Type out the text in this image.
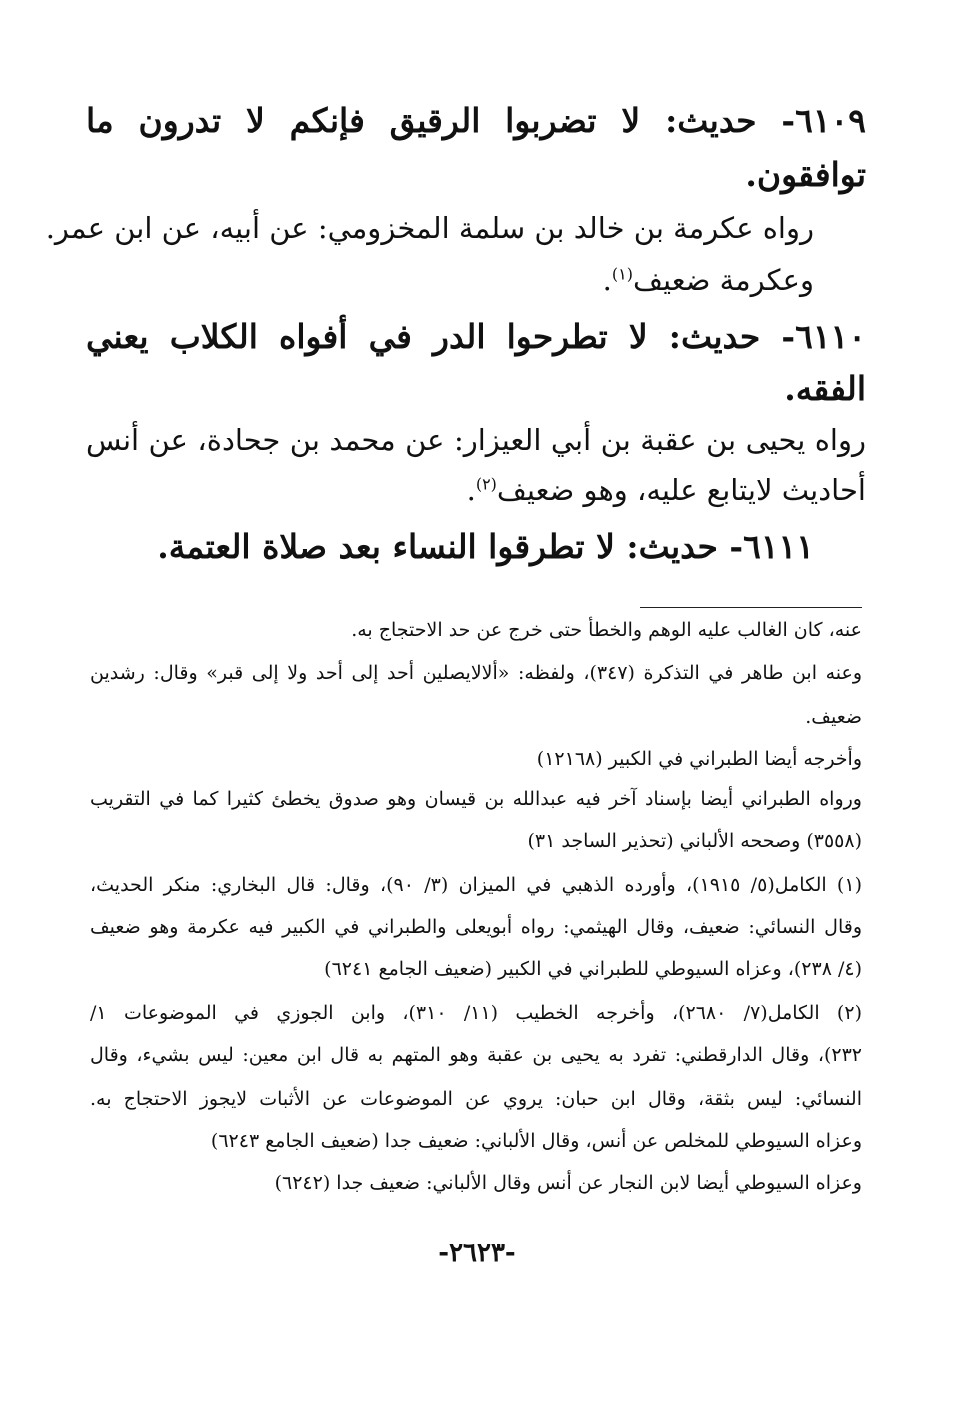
٦١٠٩- حديث: لا تضربوا الرقيق فإنكم لا تدرون ما
توافقون.
رواه عكرمة بن خالد بن سلمة المخزومي: عن أبيه، عن ابن عمر.
وعكرمة ضعيف$^{(١)}$.
٦١١٠- حديث: لا تطرحوا الدر في أفواه الكلاب يعني
الفقه.
رواه يحيى بن عقبة بن أبي العيزار: عن محمد بن جحادة، عن أنس
أحاديث لايتابع عليه، وهو ضعيف$^{(٢)}$.
٦١١١- حديث: لا تطرقوا النساء بعد صلاة العتمة.
عنه، كان الغالب عليه الوهم والخطأ حتى خرج عن حد الاحتجاج به.
وعنه ابن طاهر في التذكرة (٣٤٧)، ولفظه: «ألالايصلين أحد إلى أحد ولا إلى قبر» وقال: رشدين
ضعيف.
وأخرجه أيضا الطبراني في الكبير (١٢١٦٨)
ورواه الطبراني أيضا بإسناد آخر فيه عبدالله بن قيسان وهو صدوق يخطئ كثيرا كما في التقريب
(٣٥٥٨) وصححه الألباني (تحذير الساجد ٣١)
(١) الكامل(٥/ ١٩١٥)، وأورده الذهبي في الميزان (٣/ ٩٠)، وقال: قال البخاري: منكر الحديث،
وقال النسائي: ضعيف، وقال الهيثمي: رواه أبويعلى والطبراني في الكبير فيه عكرمة وهو ضعيف
(٤/ ٢٣٨)، وعزاه السيوطي للطبراني في الكبير (ضعيف الجامع ٦٢٤١)
(٢) الكامل(٧/ ٢٦٨٠)، وأخرجه الخطيب (١١/ ٣١٠)، وابن الجوزي في الموضوعات ١/
٢٣٢)، وقال الدارقطني: تفرد به يحيى بن عقبة وهو المتهم به قال ابن معين: ليس بشيء، وقال
النسائي: ليس بثقة، وقال ابن حبان: يروي عن الموضوعات عن الأثبات لايجوز الاحتجاج به.
وعزاه السيوطي للمخلص عن أنس، وقال الألباني: ضعيف جدا (ضعيف الجامع ٦٢٤٣)
وعزاه السيوطي أيضا لابن النجار عن أنس وقال الألباني: ضعيف جدا (٦٢٤٢)
-٢٦٢٣-
